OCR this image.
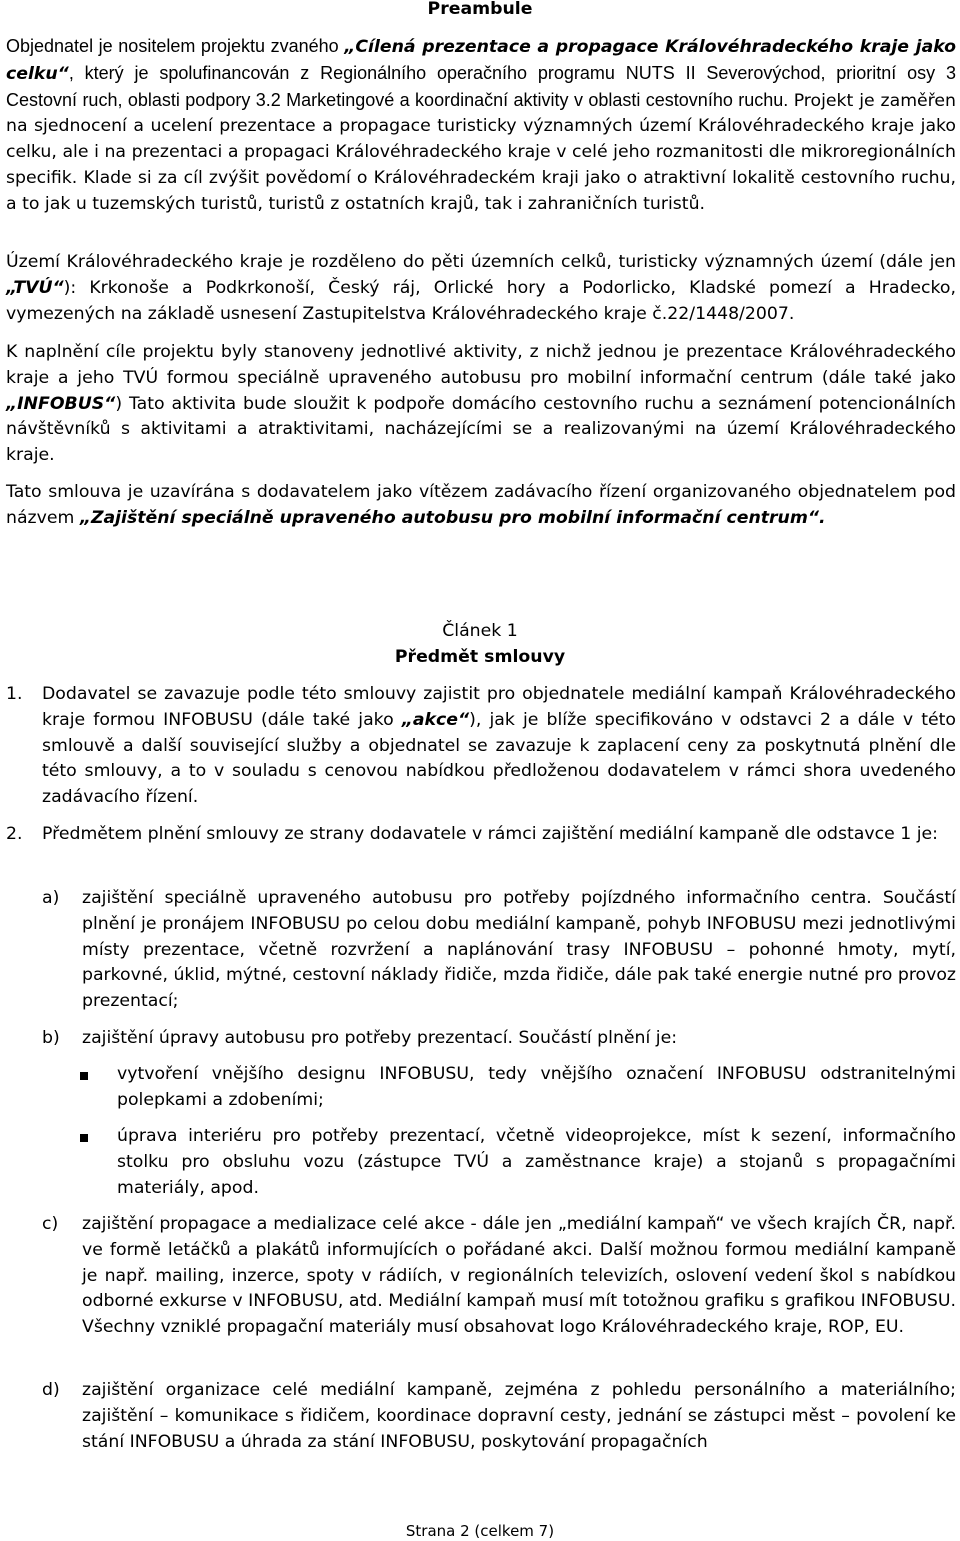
Preambule

Objednatel je nositelem projektu zvaného „Cílená prezentace a propagace Královéhradeckého kraje jako celku“, který je spolufinancován z Regionálního operačního programu NUTS II Severovýchod, prioritní osy 3 Cestovní ruch, oblasti podpory 3.2 Marketingové a koordinační aktivity v oblasti cestovního ruchu. Projekt je zaměřen na sjednocení a ucelení prezentace a propagace turisticky významných území Královéhradeckého kraje jako celku, ale i na prezentaci a propagaci Královéhradeckého kraje v celé jeho rozmanitosti dle mikroregionálních specifik. Klade si za cíl zvýšit povědomí o Královéhradeckém kraji jako o atraktivní lokalitě cestovního ruchu, a to jak u tuzemských turistů, turistů z ostatních krajů, tak i zahraničních turistů.

Území Královéhradeckého kraje je rozděleno do pěti územních celků, turisticky významných území (dále jen „TVÚ“): Krkonoše a Podkrkonoší, Český ráj, Orlické hory a Podorlicko, Kladské pomezí a Hradecko, vymezených na základě usnesení Zastupitelstva Královéhradeckého kraje č.22/1448/2007.

K naplnění cíle projektu byly stanoveny jednotlivé aktivity, z nichž jednou je prezentace Královéhradeckého kraje a jeho TVÚ formou speciálně upraveného autobusu pro mobilní informační centrum (dále také jako „INFOBUS“) Tato aktivita bude sloužit k podpoře domácího cestovního ruchu a seznámení potencionálních návštěvníků s aktivitami a atraktivitami, nacházejícími se a realizovanými na území Královéhradeckého kraje.

Tato smlouva je uzavírána s dodavatelem jako vítězem zadávacího řízení organizovaného objednatelem pod názvem „Zajištění speciálně upraveného autobusu pro mobilní informační centrum“.

Článek 1
Předmět smlouvy

1. Dodavatel se zavazuje podle této smlouvy zajistit pro objednatele mediální kampaň Královéhradeckého kraje formou INFOBUSU (dále také jako „akce“), jak je blíže specifikováno v odstavci 2 a dále v této smlouvě a další související služby a objednatel se zavazuje k zaplacení ceny za poskytnutá plnění dle této smlouvy, a to v souladu s cenovou nabídkou předloženou dodavatelem v rámci shora uvedeného zadávacího řízení.

2. Předmětem plnění smlouvy ze strany dodavatele v rámci zajištění mediální kampaně dle odstavce 1 je:

a) zajištění speciálně upraveného autobusu pro potřeby pojízdného informačního centra. Součástí plnění je pronájem INFOBUSU po celou dobu mediální kampaně, pohyb INFOBUSU mezi jednotlivými místy prezentace, včetně rozvržení a naplánování trasy INFOBUSU – pohonné hmoty, mytí, parkovné, úklid, mýtné, cestovní náklady řidiče, mzda řidiče, dále pak také energie nutné pro provoz prezentací;

b) zajištění úpravy autobusu pro potřeby prezentací. Součástí plnění je:

vytvoření vnějšího designu INFOBUSU, tedy vnějšího označení INFOBUSU odstranitelnými polepkami a zdobeními;

úprava interiéru pro potřeby prezentací, včetně videoprojekce, míst k sezení, informačního stolku pro obsluhu vozu (zástupce TVÚ a zaměstnance kraje) a stojanů s propagačními materiály, apod.

c) zajištění propagace a medializace celé akce - dále jen „mediální kampaň“ ve všech krajích ČR, např. ve formě letáčků a plakátů informujících o pořádané akci. Další možnou formou mediální kampaně je např. mailing, inzerce, spoty v rádiích, v regionálních televizích, oslovení vedení škol s nabídkou odborné exkurse v INFOBUSU, atd. Mediální kampaň musí mít totožnou grafiku s grafikou INFOBUSU. Všechny vzniklé propagační materiály musí obsahovat logo Královéhradeckého kraje, ROP, EU.

d) zajištění organizace celé mediální kampaně, zejména z pohledu personálního a materiálního; zajištění – komunikace s řidičem, koordinace dopravní cesty, jednání se zástupci měst – povolení ke stání INFOBUSU a úhrada za stání INFOBUSU, poskytování propagačních

Strana 2 (celkem 7)
